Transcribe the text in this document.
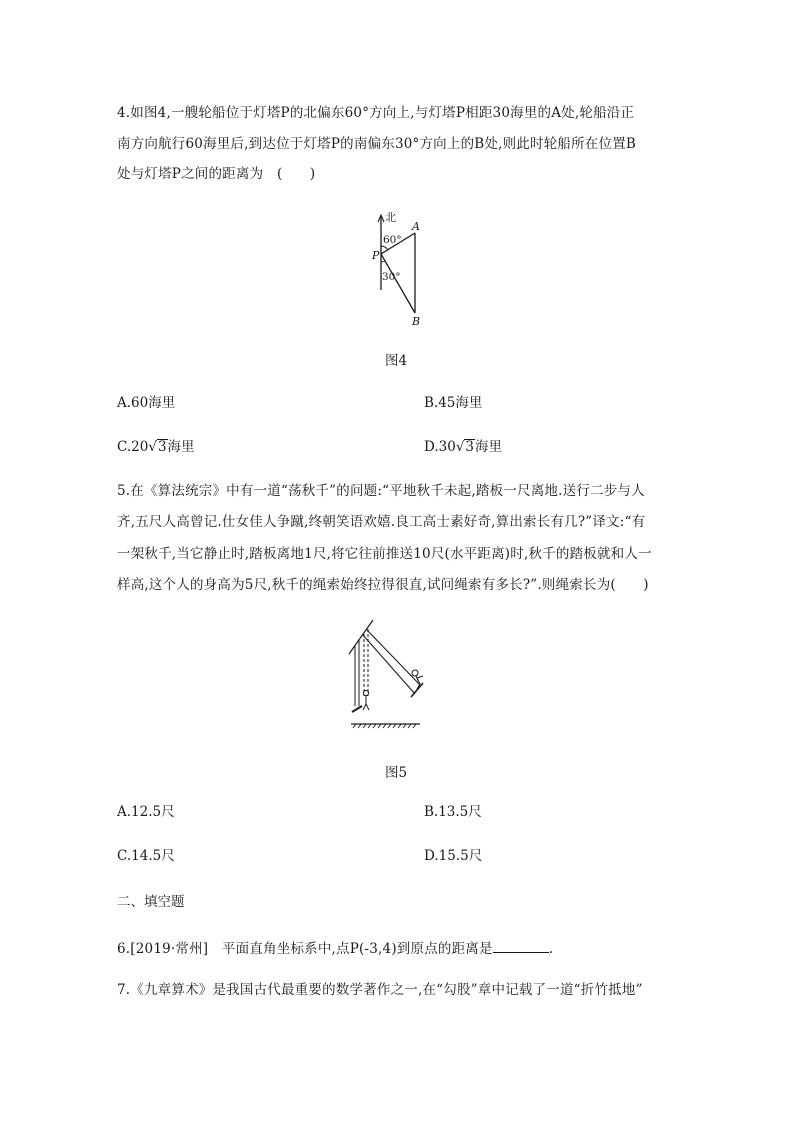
4.如图4,一艘轮船位于灯塔P的北偏东60°方向上,与灯塔P相距30海里的A处,轮船沿正
南方向航行60海里后,到达位于灯塔P的南偏东30°方向上的B处,则此时轮船所在位置B
处与灯塔P之间的距离为　(　　)
北
60°
30°
P
A
B
图4
A.60海里	B.45海里
C.20√3海里	D.30√3海里
5.在《算法统宗》中有一道“荡秋千”的问题:“平地秋千未起,踏板一尺离地.送行二步与人
齐,五尺人高曾记.仕女佳人争蹴,终朝笑语欢嬉.良工高士素好奇,算出索长有几?”译文:“有
一架秋千,当它静止时,踏板离地1尺,将它往前推送10尺(水平距离)时,秋千的踏板就和人一
样高,这个人的身高为5尺,秋千的绳索始终拉得很直,试问绳索有多长?”.则绳索长为(　　)
图5
A.12.5尺	B.13.5尺
C.14.5尺	D.15.5尺
二、填空题
6.[2019·常州]　平面直角坐标系中,点P(-3,4)到原点的距离是	.
7.《九章算术》是我国古代最重要的数学著作之一,在“勾股”章中记载了一道“折竹抵地”
